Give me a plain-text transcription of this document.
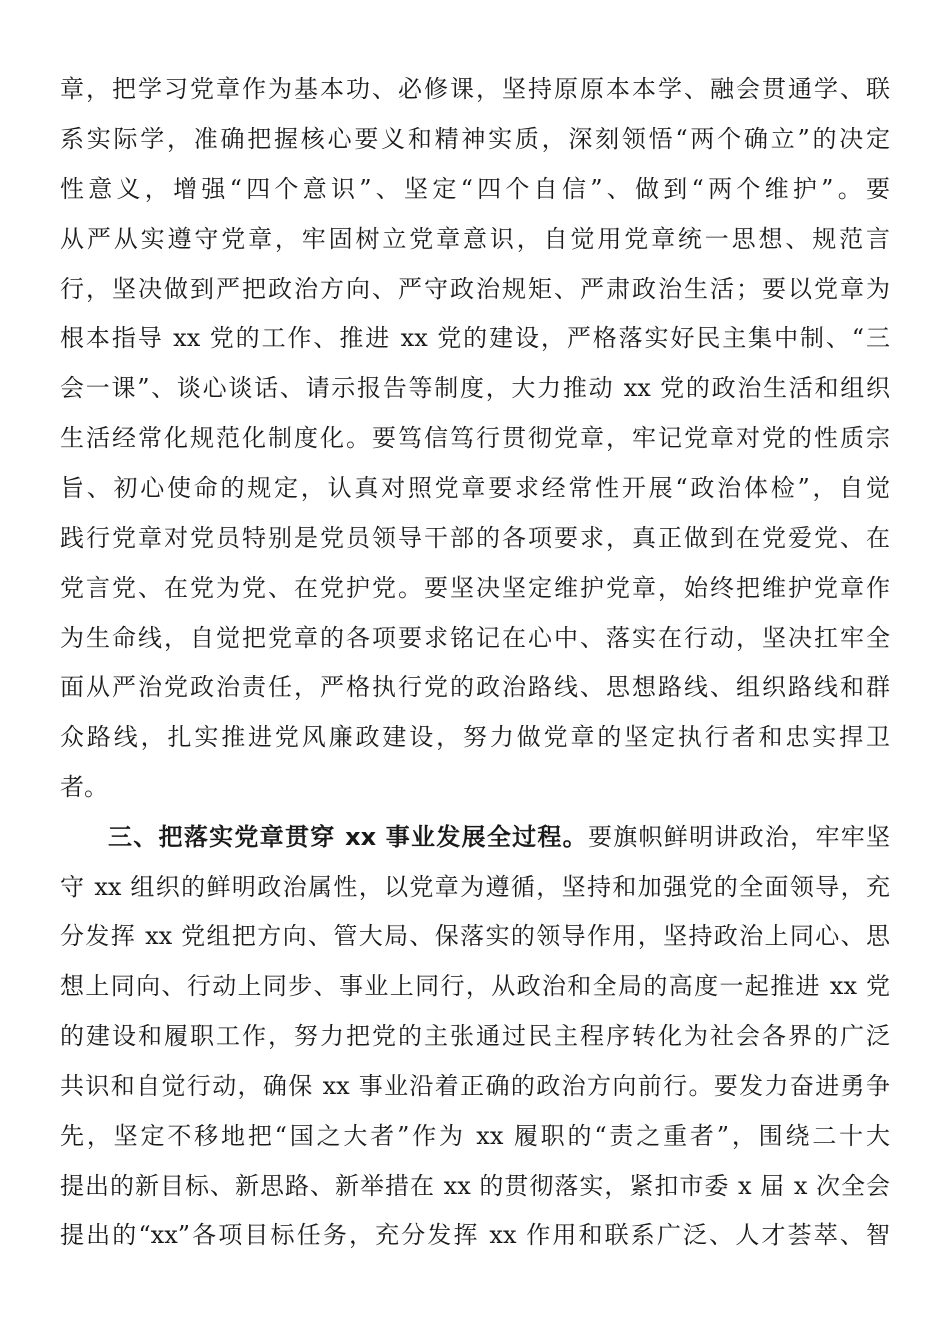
章，把学习党章作为基本功、必修课，坚持原原本本学、融会贯通学、联
系实际学，准确把握核心要义和精神实质，深刻领悟“两个确立”的决定
性意义，增强“四个意识”、坚定“四个自信”、做到“两个维护”。要
从严从实遵守党章，牢固树立党章意识，自觉用党章统一思想、规范言
行，坚决做到严把政治方向、严守政治规矩、严肃政治生活；要以党章为
根本指导 xx 党的工作、推进 xx 党的建设，严格落实好民主集中制、“三
会一课”、谈心谈话、请示报告等制度，大力推动 xx 党的政治生活和组织
生活经常化规范化制度化。要笃信笃行贯彻党章，牢记党章对党的性质宗
旨、初心使命的规定，认真对照党章要求经常性开展“政治体检”，自觉
践行党章对党员特别是党员领导干部的各项要求，真正做到在党爱党、在
党言党、在党为党、在党护党。要坚决坚定维护党章，始终把维护党章作
为生命线，自觉把党章的各项要求铭记在心中、落实在行动，坚决扛牢全
面从严治党政治责任，严格执行党的政治路线、思想路线、组织路线和群
众路线，扎实推进党风廉政建设，努力做党章的坚定执行者和忠实捍卫
者。
三、把落实党章贯穿 xx 事业发展全过程。要旗帜鲜明讲政治，牢牢坚
守 xx 组织的鲜明政治属性，以党章为遵循，坚持和加强党的全面领导，充
分发挥 xx 党组把方向、管大局、保落实的领导作用，坚持政治上同心、思
想上同向、行动上同步、事业上同行，从政治和全局的高度一起推进 xx 党
的建设和履职工作，努力把党的主张通过民主程序转化为社会各界的广泛
共识和自觉行动，确保 xx 事业沿着正确的政治方向前行。要发力奋进勇争
先，坚定不移地把“国之大者”作为 xx 履职的“责之重者”，围绕二十大
提出的新目标、新思路、新举措在 xx 的贯彻落实，紧扣市委 x 届 x 次全会
提出的“xx”各项目标任务，充分发挥 xx 作用和联系广泛、人才荟萃、智
